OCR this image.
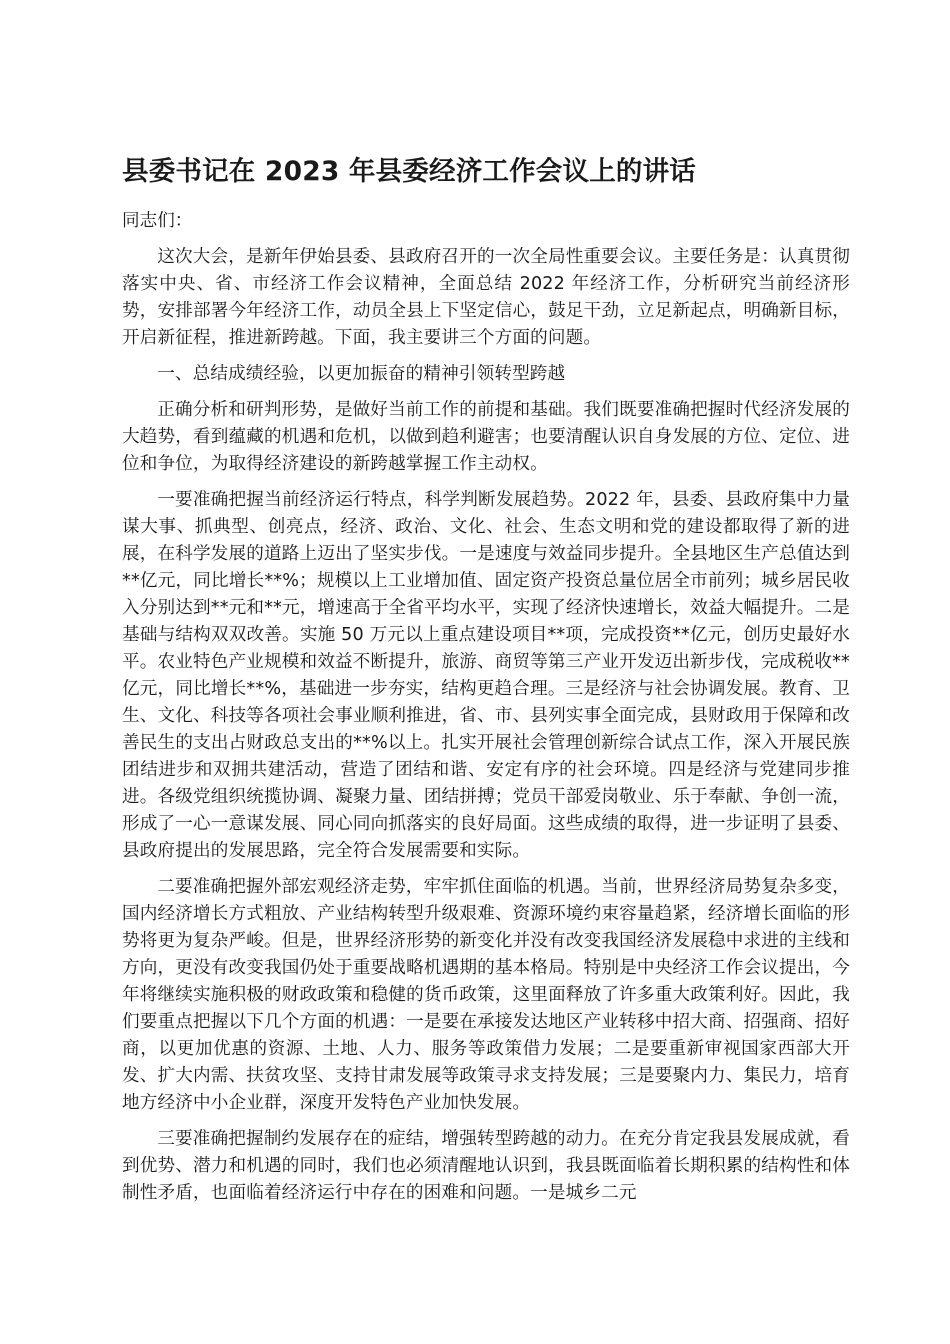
县委书记在 2023 年县委经济工作会议上的讲话

同志们：

这次大会，是新年伊始县委、县政府召开的一次全局性重要会议。主要任务是：认真贯彻落实中央、省、市经济工作会议精神，全面总结 2022 年经济工作，分析研究当前经济形势，安排部署今年经济工作，动员全县上下坚定信心，鼓足干劲，立足新起点，明确新目标，开启新征程，推进新跨越。下面，我主要讲三个方面的问题。

一、总结成绩经验，以更加振奋的精神引领转型跨越

正确分析和研判形势，是做好当前工作的前提和基础。我们既要准确把握时代经济发展的大趋势，看到蕴藏的机遇和危机，以做到趋利避害；也要清醒认识自身发展的方位、定位、进位和争位，为取得经济建设的新跨越掌握工作主动权。

一要准确把握当前经济运行特点，科学判断发展趋势。2022 年，县委、县政府集中力量谋大事、抓典型、创亮点，经济、政治、文化、社会、生态文明和党的建设都取得了新的进展，在科学发展的道路上迈出了坚实步伐。一是速度与效益同步提升。全县地区生产总值达到**亿元，同比增长**%；规模以上工业增加值、固定资产投资总量位居全市前列；城乡居民收入分别达到**元和**元，增速高于全省平均水平，实现了经济快速增长，效益大幅提升。二是基础与结构双双改善。实施 50 万元以上重点建设项目**项，完成投资**亿元，创历史最好水平。农业特色产业规模和效益不断提升，旅游、商贸等第三产业开发迈出新步伐，完成税收**亿元，同比增长**%，基础进一步夯实，结构更趋合理。三是经济与社会协调发展。教育、卫生、文化、科技等各项社会事业顺利推进，省、市、县列实事全面完成，县财政用于保障和改善民生的支出占财政总支出的**%以上。扎实开展社会管理创新综合试点工作，深入开展民族团结进步和双拥共建活动，营造了团结和谐、安定有序的社会环境。四是经济与党建同步推进。各级党组织统揽协调、凝聚力量、团结拼搏；党员干部爱岗敬业、乐于奉献、争创一流，形成了一心一意谋发展、同心同向抓落实的良好局面。这些成绩的取得，进一步证明了县委、县政府提出的发展思路，完全符合发展需要和实际。

二要准确把握外部宏观经济走势，牢牢抓住面临的机遇。当前，世界经济局势复杂多变，国内经济增长方式粗放、产业结构转型升级艰难、资源环境约束容量趋紧，经济增长面临的形势将更为复杂严峻。但是，世界经济形势的新变化并没有改变我国经济发展稳中求进的主线和方向，更没有改变我国仍处于重要战略机遇期的基本格局。特别是中央经济工作会议提出，今年将继续实施积极的财政政策和稳健的货币政策，这里面释放了许多重大政策利好。因此，我们要重点把握以下几个方面的机遇：一是要在承接发达地区产业转移中招大商、招强商、招好商，以更加优惠的资源、土地、人力、服务等政策借力发展；二是要重新审视国家西部大开发、扩大内需、扶贫攻坚、支持甘肃发展等政策寻求支持发展；三是要聚内力、集民力，培育地方经济中小企业群，深度开发特色产业加快发展。

三要准确把握制约发展存在的症结，增强转型跨越的动力。在充分肯定我县发展成就，看到优势、潜力和机遇的同时，我们也必须清醒地认识到，我县既面临着长期积累的结构性和体制性矛盾，也面临着经济运行中存在的困难和问题。一是城乡二元
